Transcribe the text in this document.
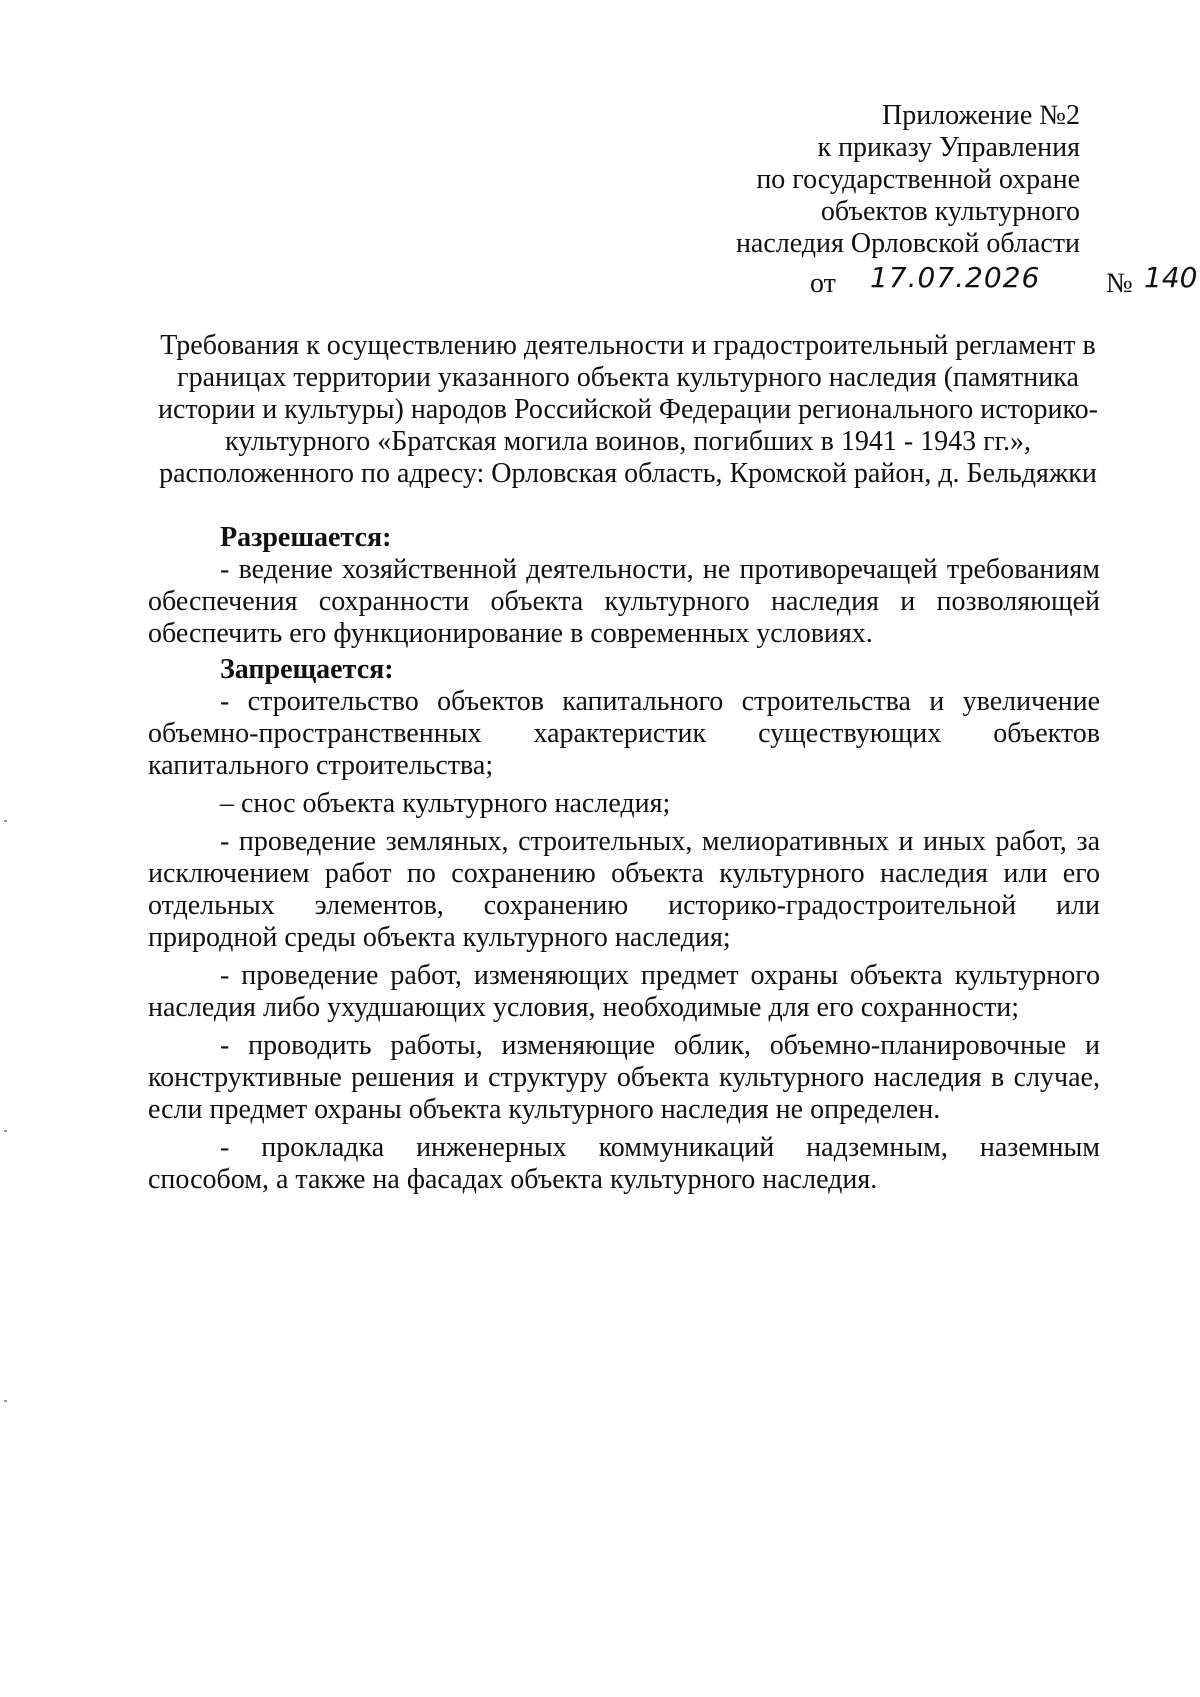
Приложение №2
к приказу Управления
по государственной охране
объектов культурного
наследия Орловской области
от 17.07.2026 № 140
Требования к осуществлению деятельности и градостроительный регламент в
границах территории указанного объекта культурного наследия (памятника
истории и культуры) народов Российской Федерации регионального историко-
культурного «Братская могила воинов, погибших в 1941 - 1943 гг.»,
расположенного по адресу: Орловская область, Кромской район, д. Бельдяжки
Разрешается:
- ведение хозяйственной деятельности, не противоречащей требованиям обеспечения сохранности объекта культурного наследия и позволяющей обеспечить его функционирование в современных условиях.
Запрещается:
- строительство объектов капитального строительства и увеличение объемно-пространственных характеристик существующих объектов капитального строительства;
– снос объекта культурного наследия;
- проведение земляных, строительных, мелиоративных и иных работ, за исключением работ по сохранению объекта культурного наследия или его отдельных элементов, сохранению историко-градостроительной или природной среды объекта культурного наследия;
- проведение работ, изменяющих предмет охраны объекта культурного наследия либо ухудшающих условия, необходимые для его сохранности;
- проводить работы, изменяющие облик, объемно-планировочные и конструктивные решения и структуру объекта культурного наследия в случае, если предмет охраны объекта культурного наследия не определен.
- прокладка инженерных коммуникаций надземным, наземным способом, а также на фасадах объекта культурного наследия.
